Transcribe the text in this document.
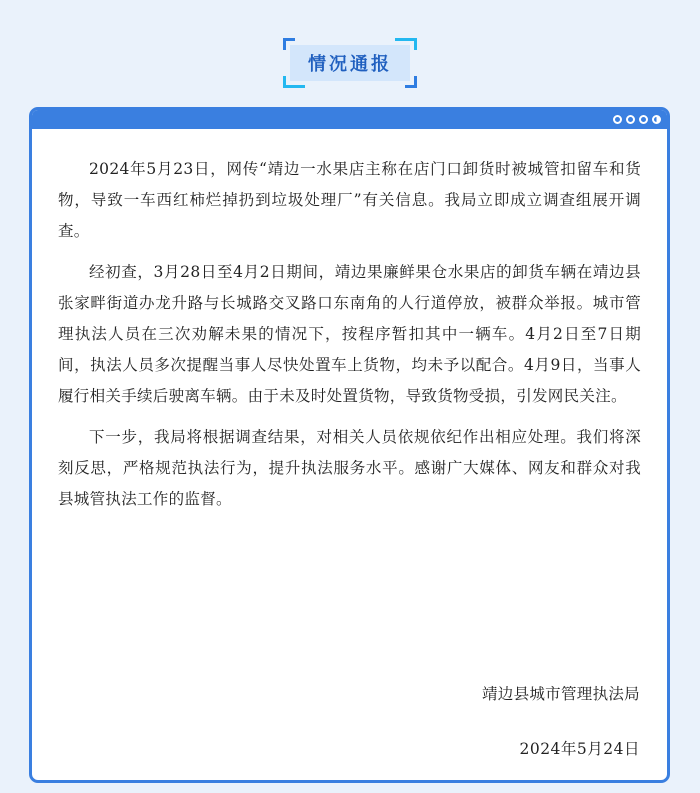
情况通报

2024年5月23日，网传“靖边一水果店主称在店门口卸货时被城管扣留车和货物，导致一车西红柿烂掉扔到垃圾处理厂”有关信息。我局立即成立调查组展开调查。

经初查，3月28日至4月2日期间，靖边果廉鲜果仓水果店的卸货车辆在靖边县张家畔街道办龙升路与长城路交叉路口东南角的人行道停放，被群众举报。城市管理执法人员在三次劝解未果的情况下，按程序暂扣其中一辆车。4月2日至7日期间，执法人员多次提醒当事人尽快处置车上货物，均未予以配合。4月9日，当事人履行相关手续后驶离车辆。由于未及时处置货物，导致货物受损，引发网民关注。

下一步，我局将根据调查结果，对相关人员依规依纪作出相应处理。我们将深刻反思，严格规范执法行为，提升执法服务水平。感谢广大媒体、网友和群众对我县城管执法工作的监督。

靖边县城市管理执法局
2024年5月24日
